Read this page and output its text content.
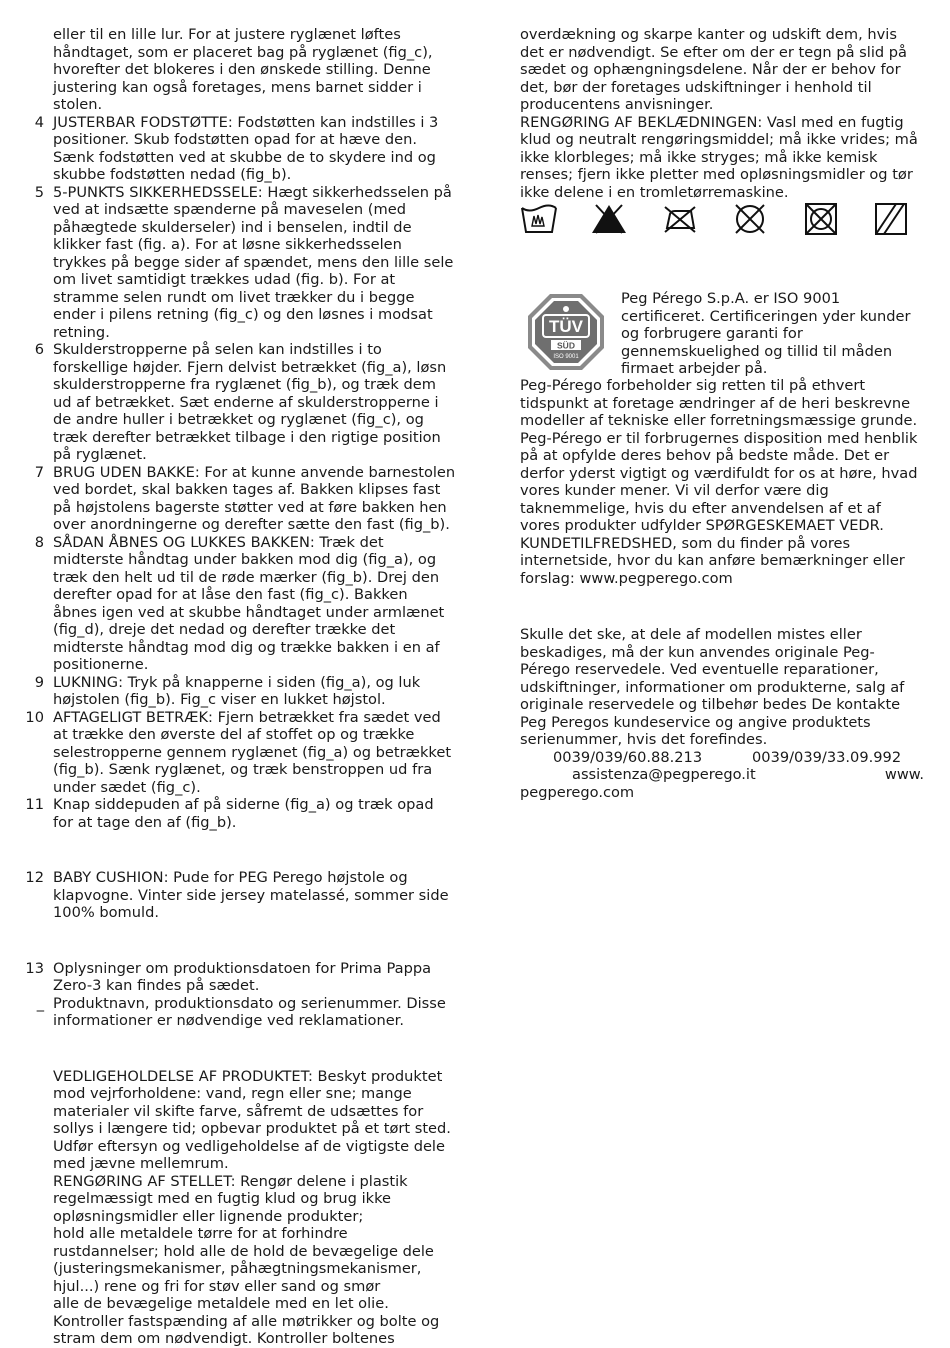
eller til en lille lur. For at justere ryglænet løftes håndtaget, som er placeret bag på ryglænet (fig_c), hvorefter det blokeres i den ønskede stilling. Denne justering kan også foretages, mens barnet sidder i stolen.

4 JUSTERBAR FODSTØTTE: Fodstøtten kan indstilles i 3 positioner. Skub fodstøtten opad for at hæve den. Sænk fodstøtten ved at skubbe de to skydere ind og skubbe fodstøtten nedad (fig_b).
5 5-PUNKTS SIKKERHEDSSELE: Hægt sikkerhedsselen på ved at indsætte spænderne på maveselen (med påhægtede skulderseler) ind i benselen, indtil de klikker fast (fig. a). For at løsne sikkerhedsselen trykkes på begge sider af spændet, mens den lille sele om livet samtidigt trækkes udad (fig. b). For at stramme selen rundt om livet trækker du i begge ender i pilens retning (fig_c) og den løsnes i modsat retning.
6 Skulderstropperne på selen kan indstilles i to forskellige højder. Fjern delvist betrækket (fig_a), løsn skulderstropperne fra ryglænet (fig_b), og træk dem ud af betrækket. Sæt enderne af skulderstropperne i de andre huller i betrækket og ryglænet (fig_c), og træk derefter betrækket tilbage i den rigtige position på ryglænet.
7 BRUG UDEN BAKKE: For at kunne anvende barnestolen ved bordet, skal bakken tages af. Bakken klipses fast på højstolens bagerste støtter ved at føre bakken hen over anordningerne og derefter sætte den fast (fig_b).
8 SÅDAN ÅBNES OG LUKKES BAKKEN: Træk det midterste håndtag under bakken mod dig (fig_a), og træk den helt ud til de røde mærker (fig_b). Drej den derefter opad for at låse den fast (fig_c). Bakken åbnes igen ved at skubbe håndtaget under armlænet (fig_d), dreje det nedad og derefter trække det midterste håndtag mod dig og trække bakken i en af positionerne.
9 LUKNING: Tryk på knapperne i siden (fig_a), og luk højstolen (fig_b). Fig_c viser en lukket højstol.
10 AFTAGELIGT BETRÆK: Fjern betrækket fra sædet ved at trække den øverste del af stoffet op og trække selestropperne gennem ryglænet (fig_a) og betrækket (fig_b). Sænk ryglænet, og træk benstroppen ud fra under sædet (fig_c).
11 Knap siddepuden af på siderne (fig_a) og træk opad for at tage den af (fig_b).
12 BABY CUSHION: Pude for PEG Perego højstole og klapvogne. Vinter side jersey matelassé, sommer side 100% bomuld.
13 Oplysninger om produktionsdatoen for Prima Pappa Zero-3 kan findes på sædet.
_ Produktnavn, produktionsdato og serienummer. Disse informationer er nødvendige ved reklamationer.

VEDLIGEHOLDELSE AF PRODUKTET: Beskyt produktet mod vejrforholdene: vand, regn eller sne; mange materialer vil skifte farve, såfremt de udsættes for sollys i længere tid; opbevar produktet på et tørt sted. Udfør eftersyn og vedligeholdelse af de vigtigste dele med jævne mellemrum.

RENGØRING AF STELLET: Rengør delene i plastik regelmæssigt med en fugtig klud og brug ikke opløsningsmidler eller lignende produkter;

hold alle metaldele tørre for at forhindre rustdannelser; hold alle de hold de bevægelige dele (justeringsmekanismer, påhægtningsmekanismer, hjul...) rene og fri for støv eller sand og smør

alle de bevægelige metaldele med en let olie. Kontroller fastspænding af alle møtrikker og bolte og stram dem om nødvendigt. Kontroller boltenes

overdækning og skarpe kanter og udskift dem, hvis det er nødvendigt. Se efter om der er tegn på slid på sædet og ophængningsdelene. Når der er behov for det, bør der foretages udskiftninger i henhold til producentens anvisninger.

RENGØRING AF BEKLÆDNINGEN: Vasl med en fugtig klud og neutralt rengøringsmiddel; må ikke vrides; må ikke klorbleges; må ikke stryges; må ikke kemisk renses; fjern ikke pletter med opløsningsmidler og tør ikke delene i en tromletørremaskine.

TÜV
SÜD
ISO 9001

Peg Pérego S.p.A. er ISO 9001 certificeret. Certificeringen yder kunder og forbrugere garanti for gennemskuelighed og tillid til måden firmaet arbejder på.

Peg-Pérego forbeholder sig retten til på ethvert tidspunkt at foretage ændringer af de heri beskrevne modeller af tekniske eller forretningsmæssige grunde. Peg-Pérego er til forbrugernes disposition med henblik på at opfylde deres behov på bedste måde. Det er derfor yderst vigtigt og værdifuldt for os at høre, hvad vores kunder mener. Vi vil derfor være dig taknemmelige, hvis du efter anvendelsen af et af vores produkter udfylder SPØRGESKEMAET VEDR. KUNDETILFREDSHED, som du finder på vores internetside, hvor du kan anføre bemærkninger eller forslag: www.pegperego.com

Skulle det ske, at dele af modellen mistes eller beskadiges, må der kun anvendes originale Peg-Pérego reservedele. Ved eventuelle reparationer, udskiftninger, informationer om produkterne, salg af originale reservedele og tilbehør bedes De kontakte Peg Peregos kundeservice og angive produktets serienummer, hvis det forefindes.

0039/039/60.88.213	0039/039/33.09.992
assistenza@pegperego.it	www.
pegperego.com
